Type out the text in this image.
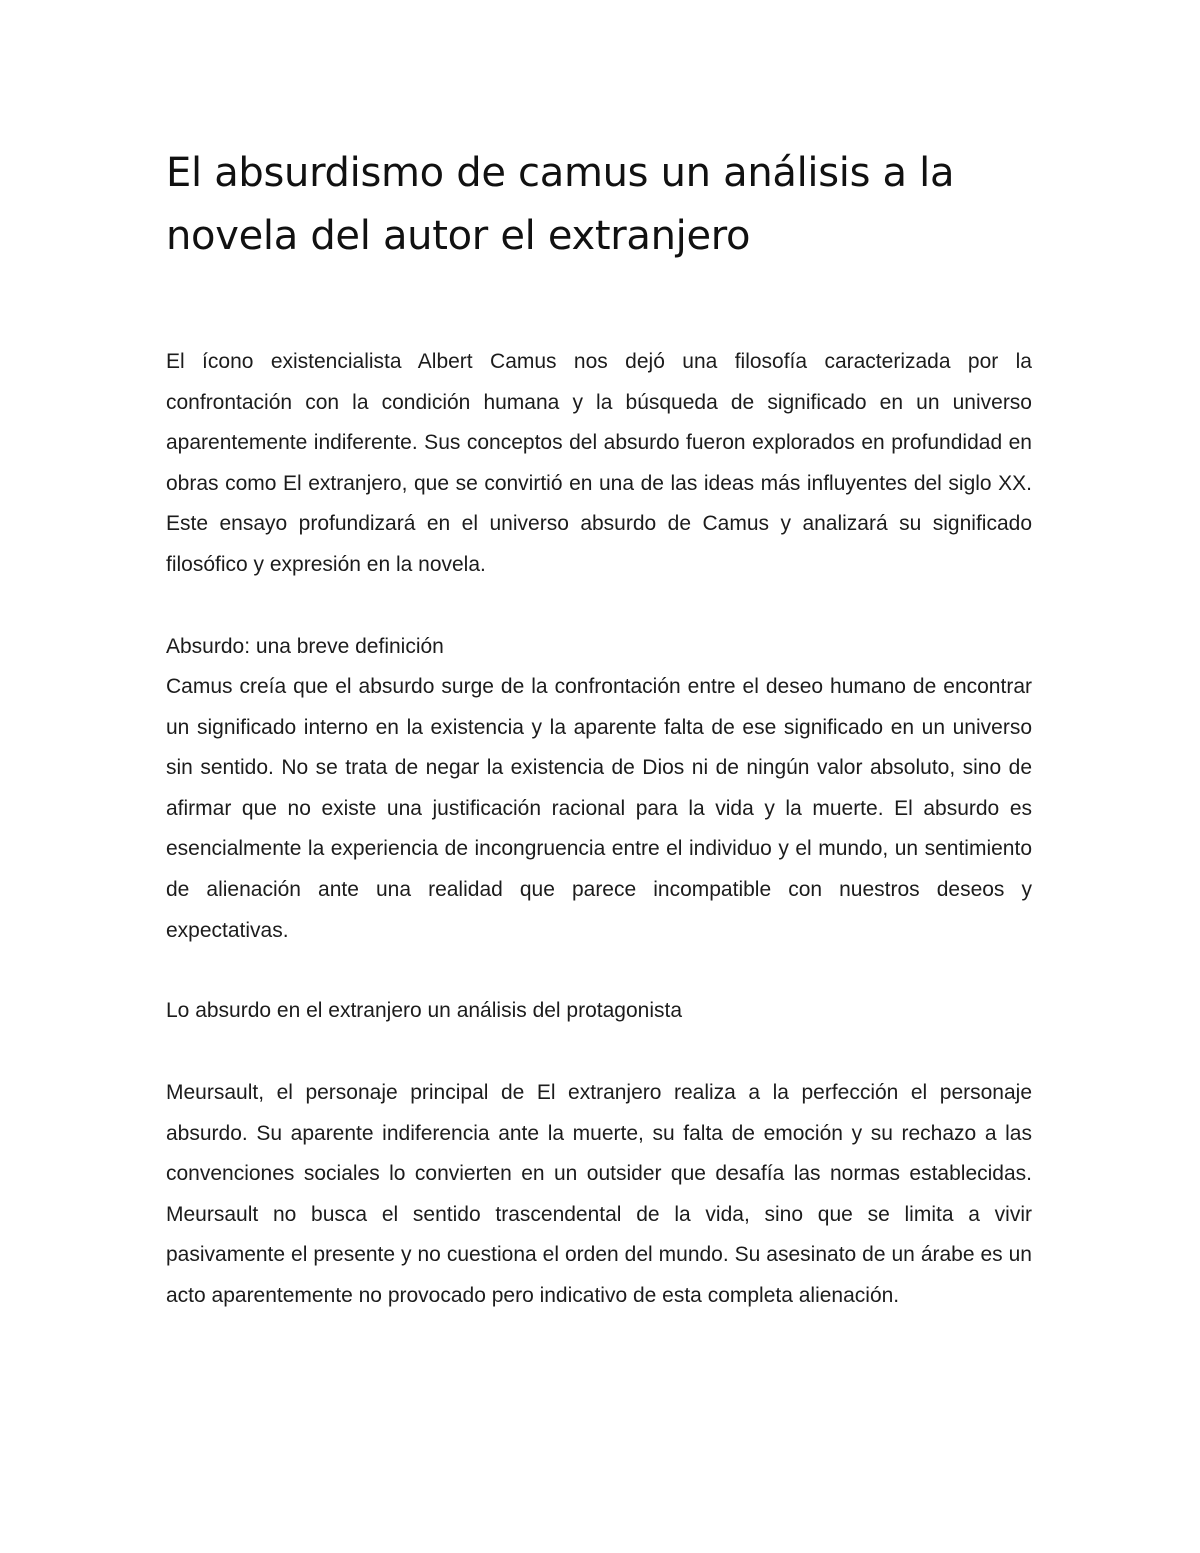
El absurdismo de camus un análisis a la novela del autor el extranjero

El ícono existencialista Albert Camus nos dejó una filosofía caracterizada por la confrontación con la condición humana y la búsqueda de significado en un universo aparentemente indiferente. Sus conceptos del absurdo fueron explorados en profundidad en obras como El extranjero, que se convirtió en una de las ideas más influyentes del siglo XX. Este ensayo profundizará en el universo absurdo de Camus y analizará su significado filosófico y expresión en la novela.

Absurdo: una breve definición

Camus creía que el absurdo surge de la confrontación entre el deseo humano de encontrar un significado interno en la existencia y la aparente falta de ese significado en un universo sin sentido. No se trata de negar la existencia de Dios ni de ningún valor absoluto, sino de afirmar que no existe una justificación racional para la vida y la muerte. El absurdo es esencialmente la experiencia de incongruencia entre el individuo y el mundo, un sentimiento de alienación ante una realidad que parece incompatible con nuestros deseos y expectativas.

Lo absurdo en el extranjero un análisis del protagonista

Meursault, el personaje principal de El extranjero realiza a la perfección el personaje absurdo. Su aparente indiferencia ante la muerte, su falta de emoción y su rechazo a las convenciones sociales lo convierten en un outsider que desafía las normas establecidas. Meursault no busca el sentido trascendental de la vida, sino que se limita a vivir pasivamente el presente y no cuestiona el orden del mundo. Su asesinato de un árabe es un acto aparentemente no provocado pero indicativo de esta completa alienación.
